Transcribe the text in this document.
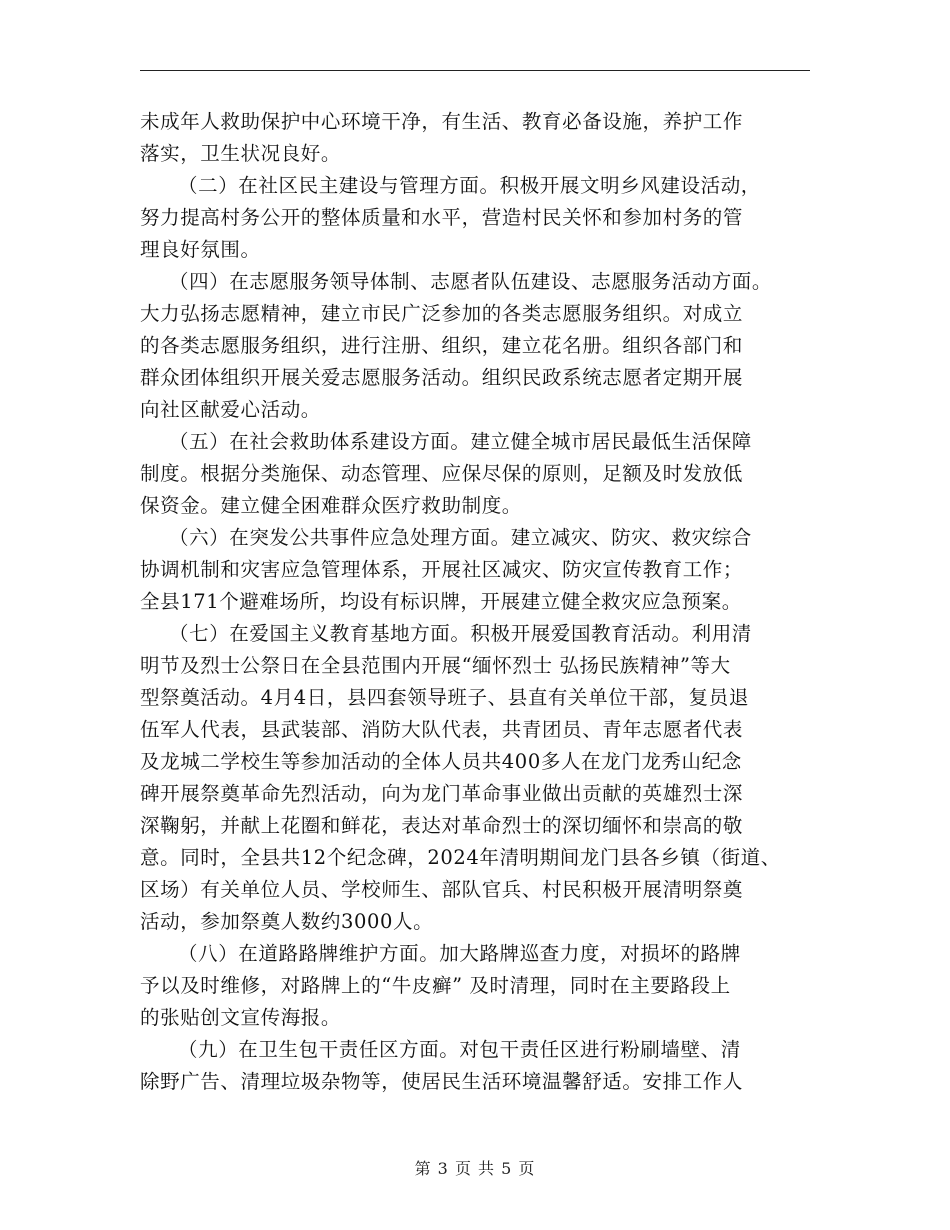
未成年人救助保护中心环境干净，有生活、教育必备设施，养护工作
落实，卫生状况良好。
（二）在社区民主建设与管理方面。积极开展文明乡风建设活动，
努力提高村务公开的整体质量和水平，营造村民关怀和参加村务的管
理良好氛围。
（四）在志愿服务领导体制、志愿者队伍建设、志愿服务活动方面。
大力弘扬志愿精神，建立市民广泛参加的各类志愿服务组织。对成立
的各类志愿服务组织，进行注册、组织，建立花名册。组织各部门和
群众团体组织开展关爱志愿服务活动。组织民政系统志愿者定期开展
向社区献爱心活动。
（五）在社会救助体系建设方面。建立健全城市居民最低生活保障
制度。根据分类施保、动态管理、应保尽保的原则，足额及时发放低
保资金。建立健全困难群众医疗救助制度。
（六）在突发公共事件应急处理方面。建立减灾、防灾、救灾综合
协调机制和灾害应急管理体系，开展社区减灾、防灾宣传教育工作；
全县171个避难场所，均设有标识牌，开展建立健全救灾应急预案。
（七）在爱国主义教育基地方面。积极开展爱国教育活动。利用清
明节及烈士公祭日在全县范围内开展“缅怀烈士 弘扬民族精神”等大
型祭奠活动。4月4日，县四套领导班子、县直有关单位干部，复员退
伍军人代表，县武装部、消防大队代表，共青团员、青年志愿者代表
及龙城二学校生等参加活动的全体人员共400多人在龙门龙秀山纪念
碑开展祭奠革命先烈活动，向为龙门革命事业做出贡献的英雄烈士深
深鞠躬，并献上花圈和鲜花，表达对革命烈士的深切缅怀和崇高的敬
意。同时，全县共12个纪念碑，2024年清明期间龙门县各乡镇（街道、
区场）有关单位人员、学校师生、部队官兵、村民积极开展清明祭奠
活动，参加祭奠人数约3000人。
（八）在道路路牌维护方面。加大路牌巡查力度，对损坏的路牌
予以及时维修，对路牌上的“牛皮癣” 及时清理，同时在主要路段上
的张贴创文宣传海报。
（九）在卫生包干责任区方面。对包干责任区进行粉刷墙壁、清
除野广告、清理垃圾杂物等，使居民生活环境温馨舒适。安排工作人
第 3 页 共 5 页
